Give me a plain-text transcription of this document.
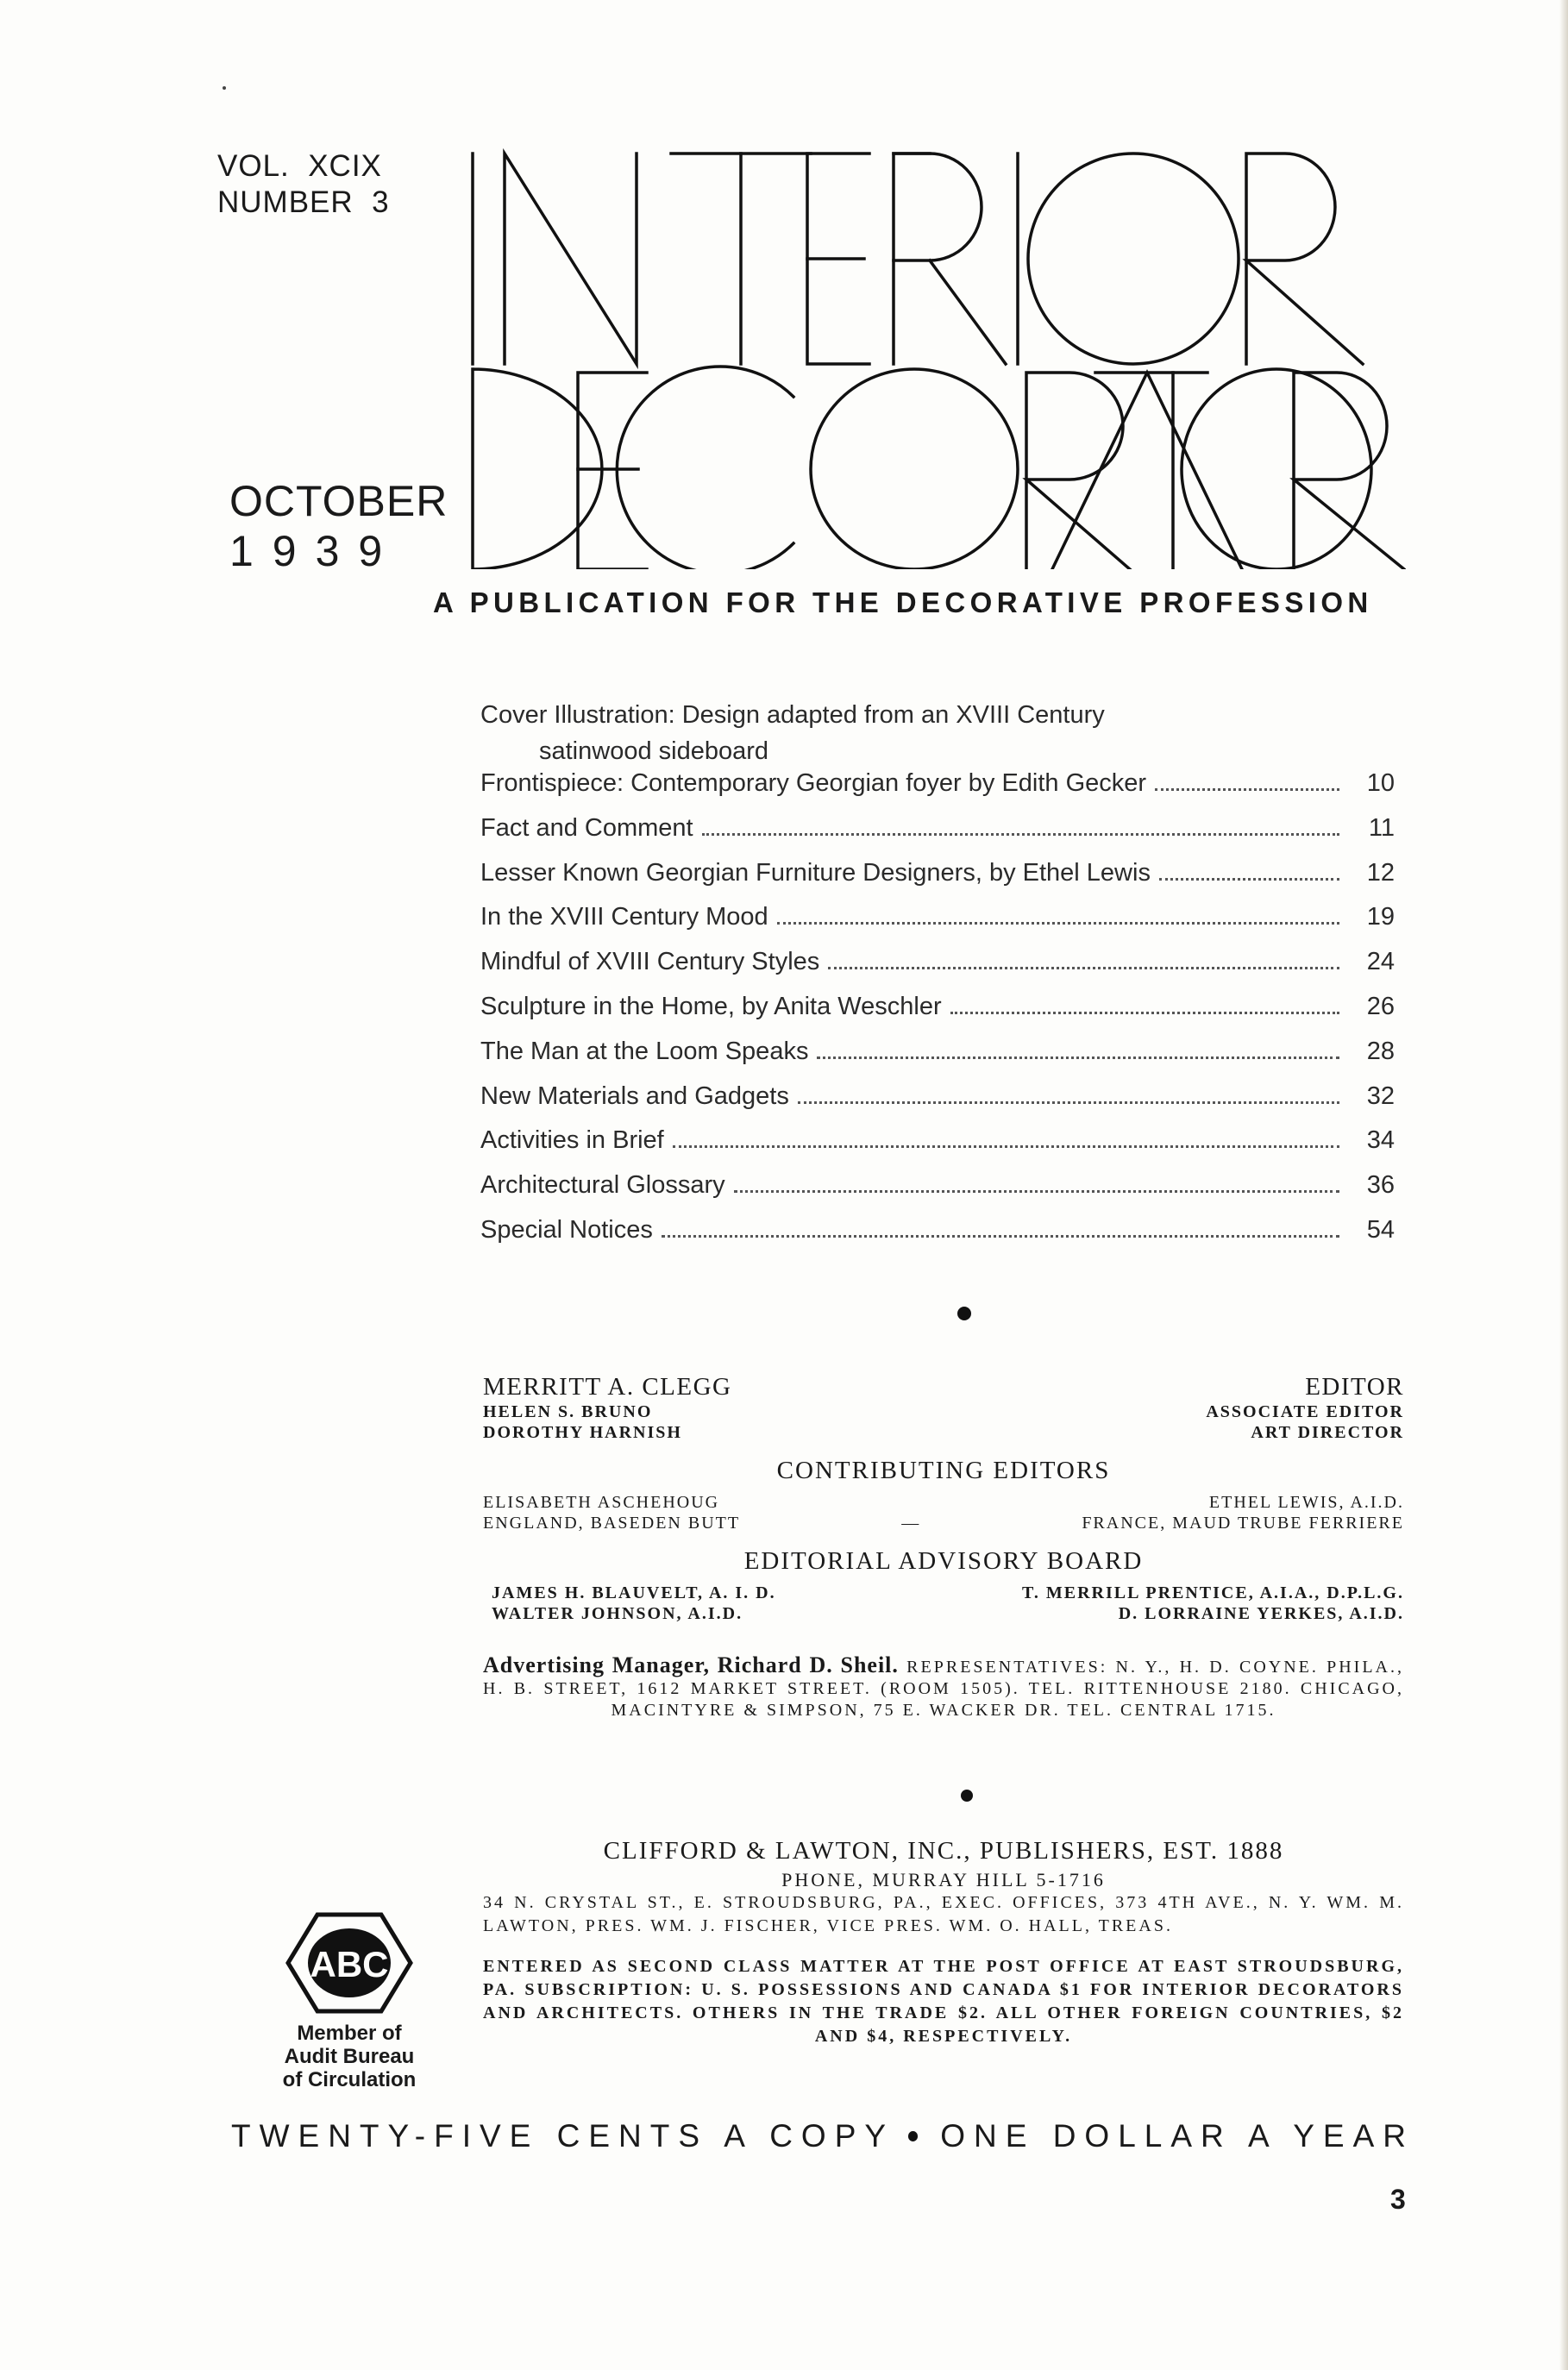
VOL.  XCIX
NUMBER  3
OCTOBER
1939
A PUBLICATION FOR THE DECORATIVE PROFESSION
Cover Illustration: Design adapted from an XVIII Century
satinwood sideboard
Frontispiece: Contemporary Georgian foyer by Edith Gecker	10
Fact and Comment	11
Lesser Known Georgian Furniture Designers, by Ethel Lewis	12
In the XVIII Century Mood	19
Mindful of XVIII Century Styles	24
Sculpture in the Home, by Anita Weschler	26
The Man at the Loom Speaks	28
New Materials and Gadgets	32
Activities in Brief	34
Architectural Glossary	36
Special Notices	54
MERRITT A. CLEGG	EDITOR
HELEN S. BRUNO	ASSOCIATE EDITOR
DOROTHY HARNISH	ART DIRECTOR
CONTRIBUTING EDITORS
ELISABETH ASCHEHOUG	ETHEL LEWIS, A.I.D.
ENGLAND, BASEDEN BUTT	—	FRANCE, MAUD TRUBE FERRIERE
EDITORIAL ADVISORY BOARD
JAMES H. BLAUVELT, A. I. D.	T. MERRILL PRENTICE, A.I.A., D.P.L.G.
WALTER JOHNSON, A.I.D.	D. LORRAINE YERKES, A.I.D.
Advertising Manager, Richard D. Sheil. REPRESENTATIVES: N. Y., H. D. COYNE. PHILA., H. B. STREET, 1612 MARKET STREET. (ROOM 1505). TEL. RITTENHOUSE 2180. CHICAGO, MACINTYRE & SIMPSON, 75 E. WACKER DR. TEL. CENTRAL 1715.
CLIFFORD & LAWTON, INC., PUBLISHERS, EST. 1888
PHONE, MURRAY HILL 5-1716
34 N. CRYSTAL ST., E. STROUDSBURG, PA., EXEC. OFFICES, 373 4TH AVE., N. Y. WM. M. LAWTON, PRES. WM. J. FISCHER, VICE PRES. WM. O. HALL, TREAS.
ENTERED AS SECOND CLASS MATTER AT THE POST OFFICE AT EAST STROUDSBURG, PA. SUBSCRIPTION: U. S. POSSESSIONS AND CANADA $1 FOR INTERIOR DECORATORS AND ARCHITECTS. OTHERS IN THE TRADE $2. ALL OTHER FOREIGN COUNTRIES, $2 AND $4, RESPECTIVELY.
ABC
Member of
Audit Bureau
of Circulation
TWENTY-FIVE CENTS A COPY ONE DOLLAR A YEAR
3
